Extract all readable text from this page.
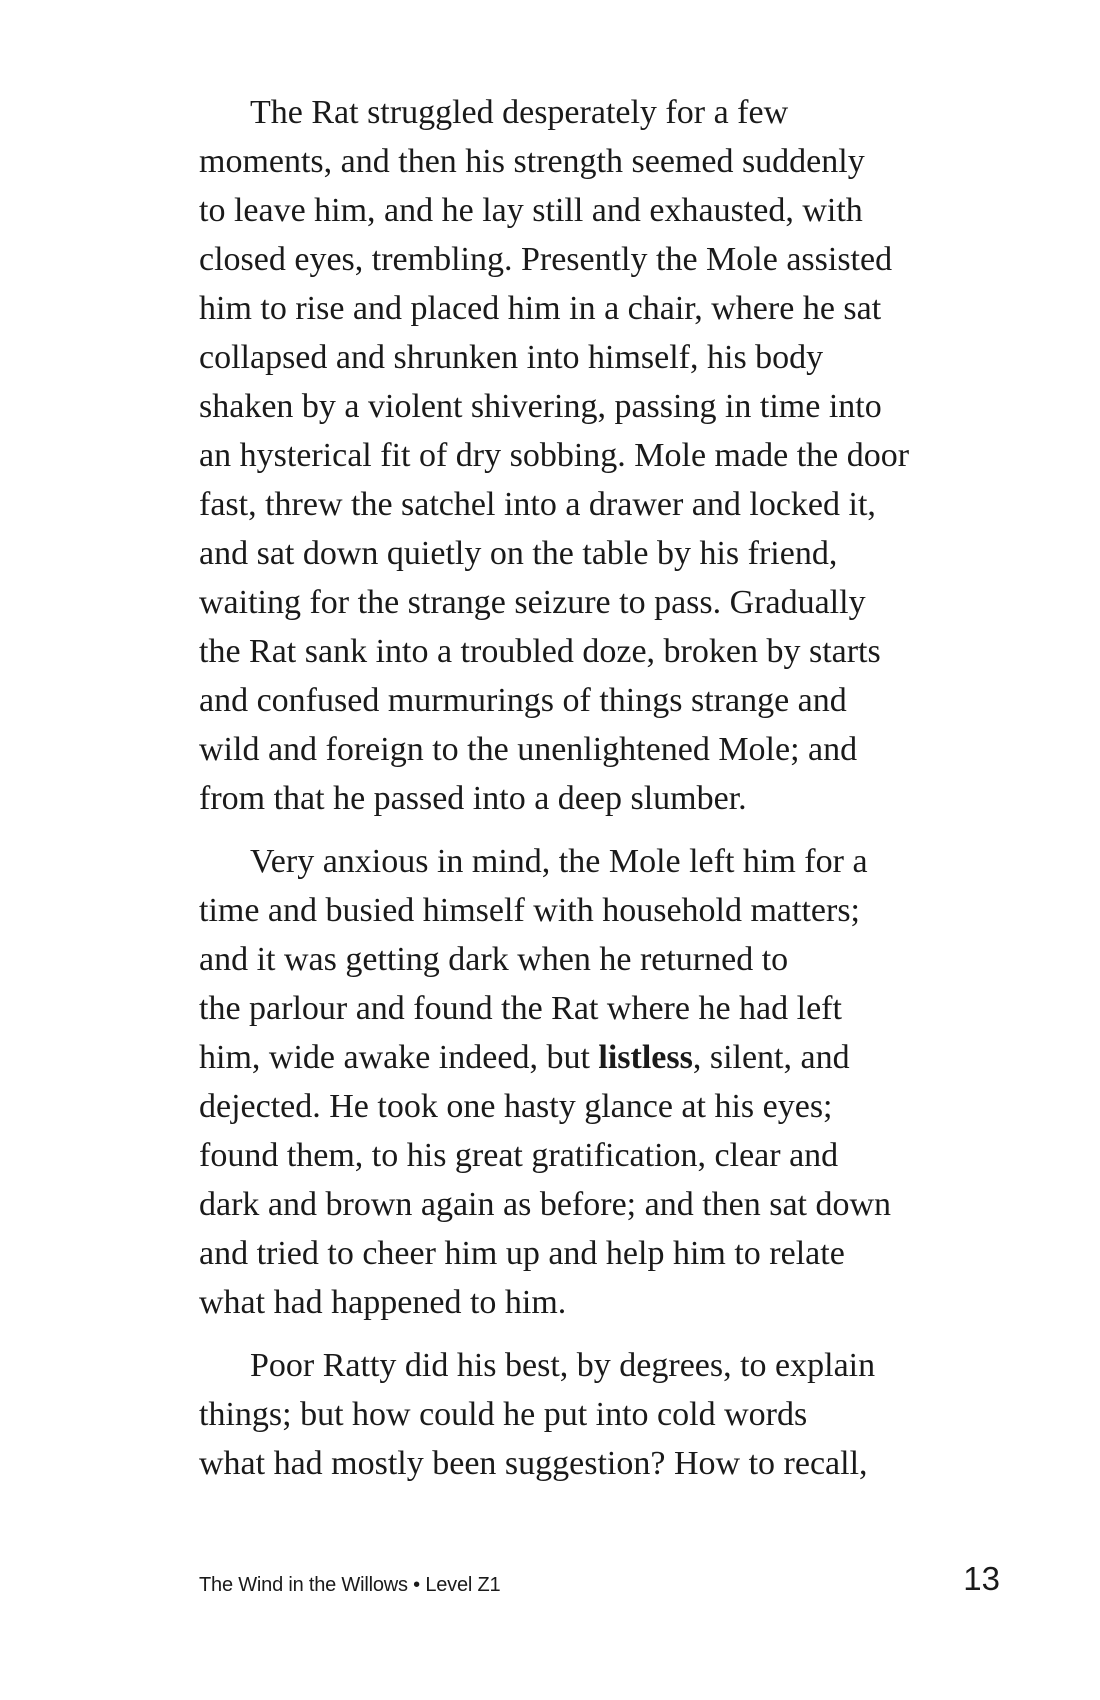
The Rat struggled desperately for a few
moments, and then his strength seemed suddenly
to leave him, and he lay still and exhausted, with
closed eyes, trembling. Presently the Mole assisted
him to rise and placed him in a chair, where he sat
collapsed and shrunken into himself, his body
shaken by a violent shivering, passing in time into
an hysterical fit of dry sobbing. Mole made the door
fast, threw the satchel into a drawer and locked it,
and sat down quietly on the table by his friend,
waiting for the strange seizure to pass. Gradually
the Rat sank into a troubled doze, broken by starts
and confused murmurings of things strange and
wild and foreign to the unenlightened Mole; and
from that he passed into a deep slumber.

Very anxious in mind, the Mole left him for a
time and busied himself with household matters;
and it was getting dark when he returned to
the parlour and found the Rat where he had left
him, wide awake indeed, but listless, silent, and
dejected. He took one hasty glance at his eyes;
found them, to his great gratification, clear and
dark and brown again as before; and then sat down
and tried to cheer him up and help him to relate
what had happened to him.

Poor Ratty did his best, by degrees, to explain
things; but how could he put into cold words
what had mostly been suggestion? How to recall,

The Wind in the Willows • Level Z1	13
